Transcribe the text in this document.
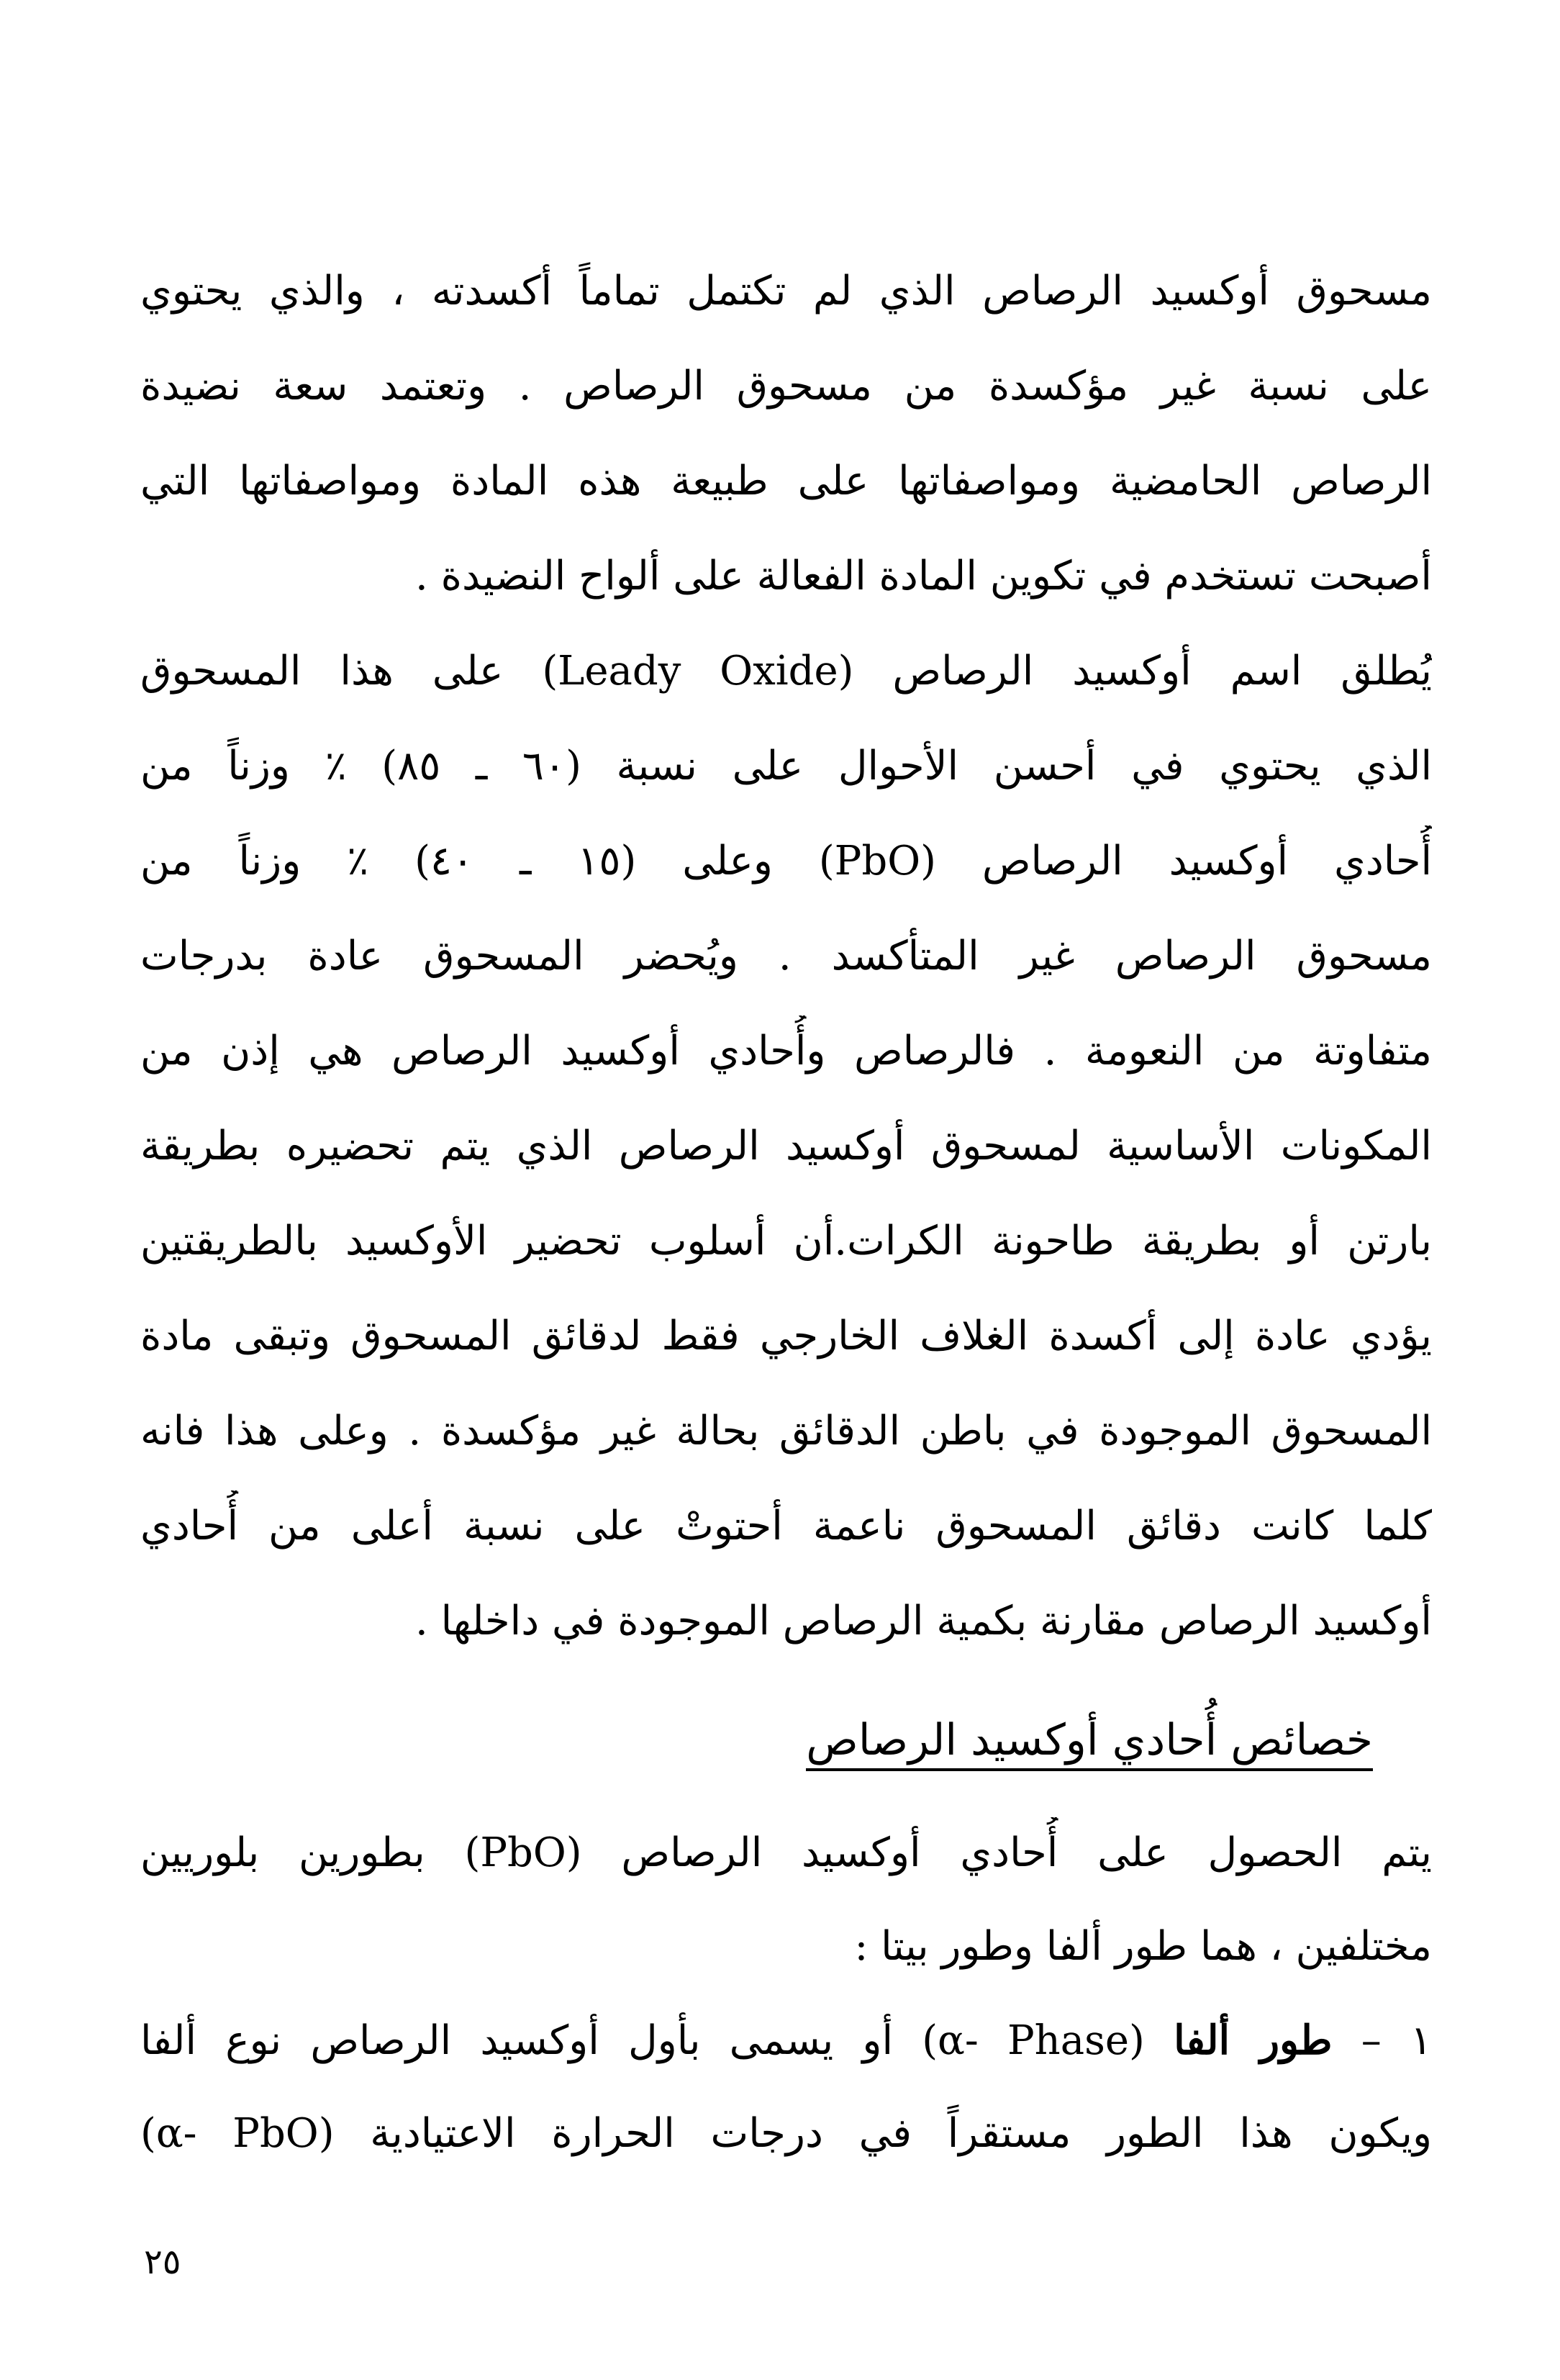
مسحوق أوكسيد الرصاص الذي لم تكتمل تماماً أكسدته ، والذي يحتوي
على نسبة غير مؤكسدة من مسحوق الرصاص . وتعتمد سعة نضيدة
الرصاص الحامضية ومواصفاتها على طبيعة هذه المادة ومواصفاتها التي
أصبحت تستخدم في تكوين المادة الفعالة على ألواح النضيدة .
يُطلق اسم أوكسيد الرصاص (Leady Oxide) على هذا المسحوق
الذي يحتوي في أحسن الأحوال على نسبة (٦٠ ـ ٨٥) ٪ وزناً من
أُحادي أوكسيد الرصاص (PbO) وعلى (١٥ ـ ٤٠) ٪ وزناً من
مسحوق الرصاص غير المتأكسد . ويُحضر المسحوق عادة بدرجات
متفاوتة من النعومة . فالرصاص وأُحادي أوكسيد الرصاص هي إذن من
المكونات الأساسية لمسحوق أوكسيد الرصاص الذي يتم تحضيره بطريقة
بارتن أو بطريقة طاحونة الكرات.أن أسلوب تحضير الأوكسيد بالطريقتين
يؤدي عادة إلى أكسدة الغلاف الخارجي فقط لدقائق المسحوق وتبقى مادة
المسحوق الموجودة في باطن الدقائق بحالة غير مؤكسدة . وعلى هذا فانه
كلما كانت دقائق المسحوق ناعمة أحتوتْ على نسبة أعلى من أُحادي
أوكسيد الرصاص مقارنة بكمية الرصاص الموجودة في داخلها .
خصائص أُحادي أوكسيد الرصاص
يتم الحصول على أُحادي أوكسيد الرصاص (PbO) بطورين بلوريين
مختلفين ، هما طور ألفا وطور بيتا :
١ – طور ألفا (α- Phase) أو يسمى بأول أوكسيد الرصاص نوع ألفا
(α- PbO) ويكون هذا الطور مستقراً في درجات الحرارة الاعتيادية
٢٥
